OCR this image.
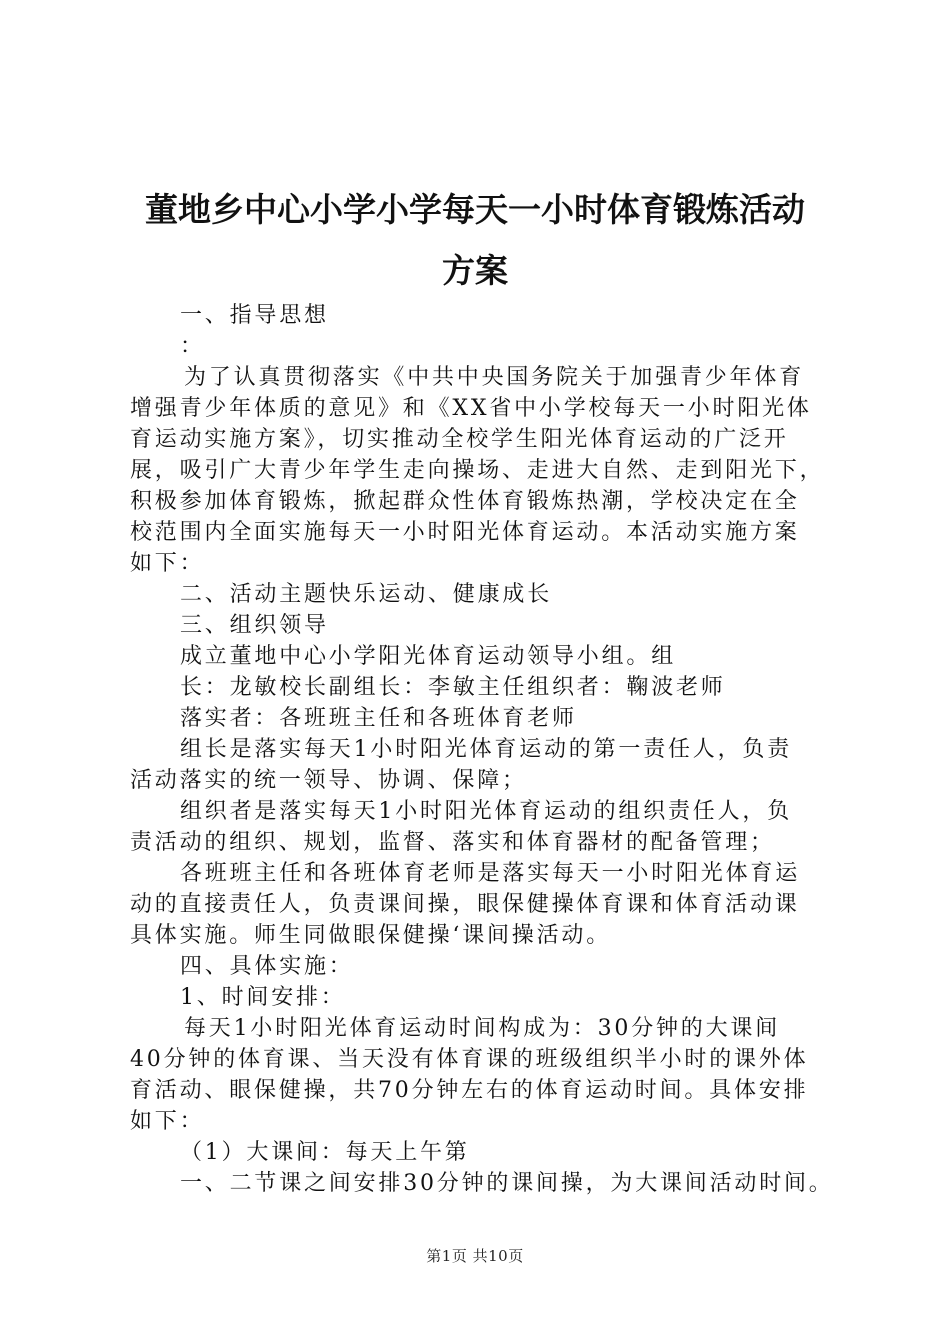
董地乡中心小学小学每天一小时体育锻炼活动
方案
一、指导思想
：
为了认真贯彻落实《中共中央国务院关于加强青少年体育
增强青少年体质的意见》和《XX省中小学校每天一小时阳光体
育运动实施方案》，切实推动全校学生阳光体育运动的广泛开
展，吸引广大青少年学生走向操场、走进大自然、走到阳光下，
积极参加体育锻炼，掀起群众性体育锻炼热潮，学校决定在全
校范围内全面实施每天一小时阳光体育运动。本活动实施方案
如下：
二、活动主题快乐运动、健康成长
三、组织领导
成立董地中心小学阳光体育运动领导小组。组
长：龙敏校长副组长：李敏主任组织者：鞠波老师
落实者：各班班主任和各班体育老师
组长是落实每天1小时阳光体育运动的第一责任人，负责
活动落实的统一领导、协调、保障；
组织者是落实每天1小时阳光体育运动的组织责任人，负
责活动的组织、规划，监督、落实和体育器材的配备管理；
各班班主任和各班体育老师是落实每天一小时阳光体育运
动的直接责任人，负责课间操，眼保健操体育课和体育活动课
具体实施。师生同做眼保健操‘课间操活动。
四、具体实施：
1、时间安排：
每天1小时阳光体育运动时间构成为：30分钟的大课间
40分钟的体育课、当天没有体育课的班级组织半小时的课外体
育活动、眼保健操，共70分钟左右的体育运动时间。具体安排
如下：
（1）大课间：每天上午第
一、二节课之间安排30分钟的课间操，为大课间活动时间。
第1页 共10页
